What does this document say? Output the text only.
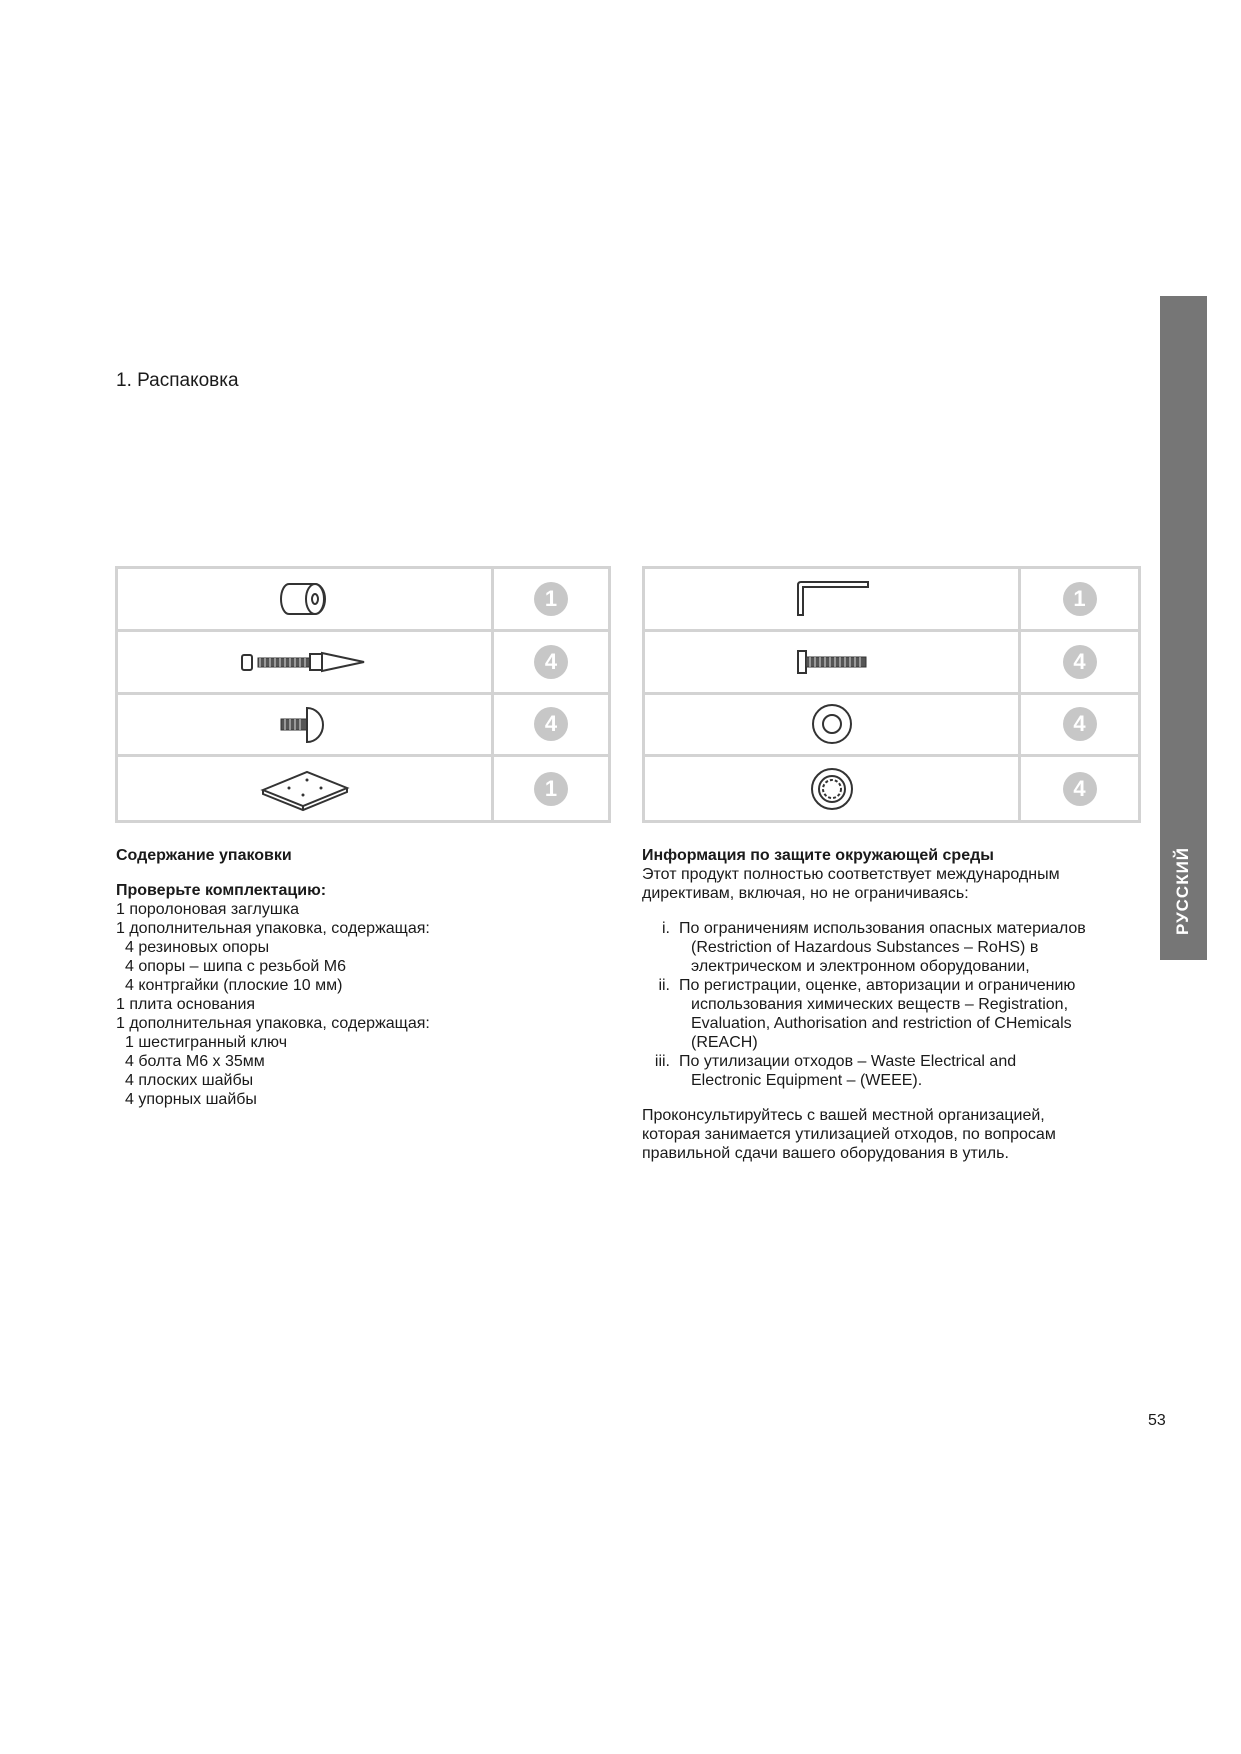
1. Распаковка
РУССКИЙ
1
4
4
1
1
4
4
4
Содержание упаковки
Проверьте комплектацию:
1 поролоновая заглушка
1 дополнительная упаковка, содержащая:
4 резиновых опоры
4 опоры – шипа с резьбой М6
4 контргайки (плоские 10 мм)
1 плита основания
1 дополнительная упаковка, содержащая:
1 шестигранный ключ
4 болта М6 x 35мм
4 плоских шайбы
4 упорных шайбы
Информация по защите окружающей среды
Этот продукт полностью соответствует международным
директивам, включая, но не ограничиваясь:
i. По ограничениям использования опасных материалов
(Restriction of Hazardous Substances – RoHS) в
электрическом и электронном оборудовании,
ii. По регистрации, оценке, авторизации и ограничению
использования химических веществ – Registration,
Evaluation, Authorisation and restriction of CHemicals
(REACH)
iii. По утилизации отходов – Waste Electrical and
Electronic Equipment – (WEEE).
Проконсультируйтесь с вашей местной организацией,
которая занимается утилизацией отходов, по вопросам
правильной сдачи вашего оборудования в утиль.
53
